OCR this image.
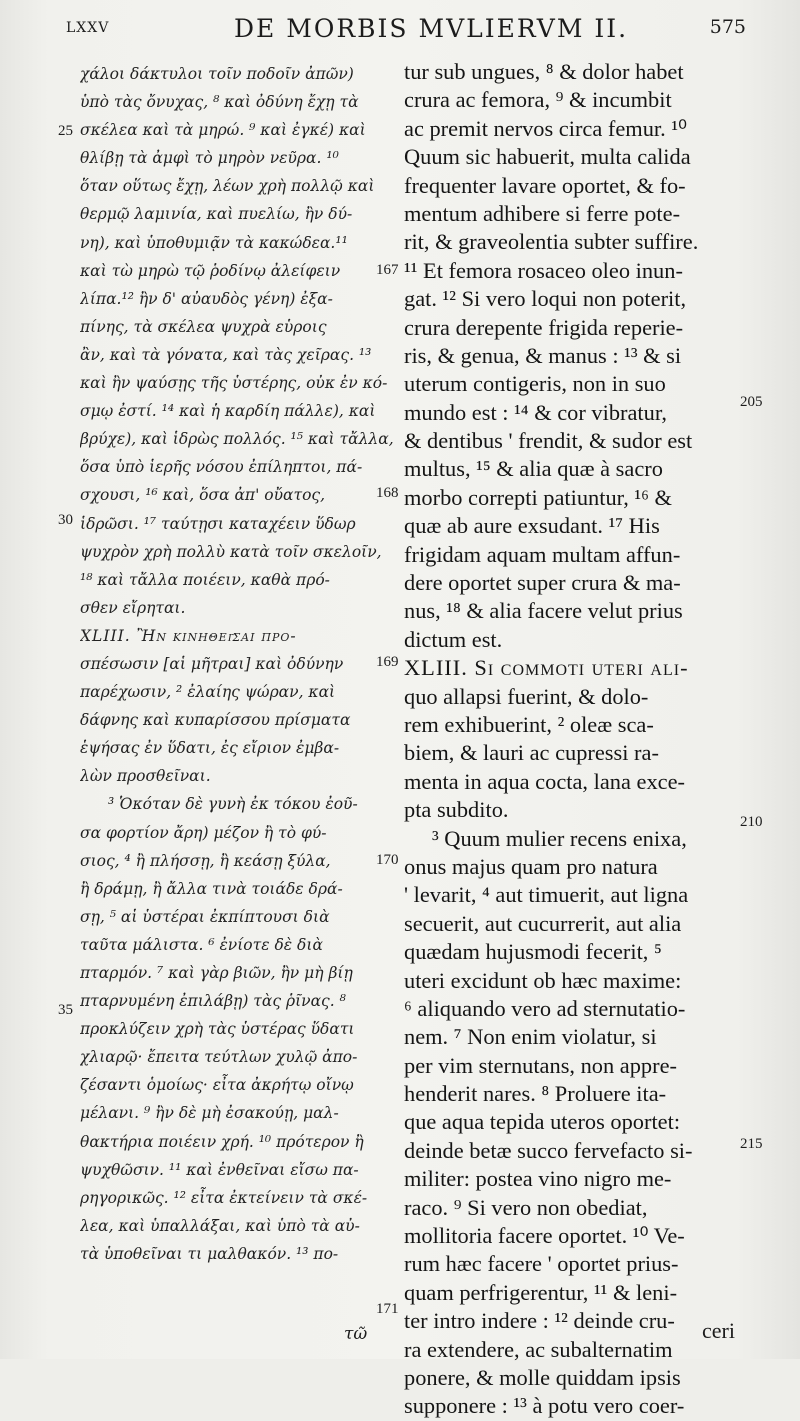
LXXV	DE MORBIS MVLIERVM II.	575
χάλοι δάκτυλοι τοῖν ποδοῖν ἀπῶν)
ὑπὸ τὰς ὄνυχας, ⁸ καὶ ὀδύνη ἔχῃ τὰ
σκέλεα καὶ τὰ μηρώ. ⁹ καὶ ἐγκέ) καὶ
θλίβῃ τὰ ἀμφὶ τὸ μηρὸν νεῦρα. ¹⁰
ὅταν οὕτως ἔχῃ, λέων χρὴ πολλῷ καὶ
θερμῷ λαμινία, καὶ πυελίω, ἢν δύ-
νη), καὶ ὑποθυμιᾷν τὰ κακώδεα.¹¹
καὶ τὼ μηρὼ τῷ ῥοδίνῳ ἀλείφειν
λίπα.¹² ἢν δ' αὐαυδὸς γένη) ἐξα-
πίνης, τὰ σκέλεα ψυχρὰ εὑροις
ἂν, καὶ τὰ γόνατα, καὶ τὰς χεῖρας. ¹³
καὶ ἢν ψαύσῃς τῆς ὑστέρης, οὐκ ἐν κό-
σμῳ ἐστί. ¹⁴ καὶ ἡ καρδίη πάλλε), καὶ
βρύχε), καὶ ἱδρὼς πολλός. ¹⁵ καὶ τἄλλα,
ὅσα ὑπὸ ἱερῆς νόσου ἐπίληπτοι, πά-
σχουσι, ¹⁶ καὶ, ὅσα ἀπ' οὔατος,
ἱδρῶσι. ¹⁷ ταύτῃσι καταχέειν ὕδωρ
ψυχρὸν χρὴ πολλὺ κατὰ τοῖν σκελοῖν,
¹⁸ καὶ τἄλλα ποιέειν, καθὰ πρό-
σθεν εἴρηται.
XLIII. Ἢν κινηθεῖσαι προ-
σπέσωσιν [αἱ μῆτραι] καὶ ὀδύνην
παρέχωσιν, ² ἐλαίης ψώραν, καὶ
δάφνης καὶ κυπαρίσσου πρίσματα
ἑψήσας ἐν ὕδατι, ἐς εἴριον ἐμβα-
λὼν προσθεῖναι.
³ Ὁκόταν δὲ γυνὴ ἐκ τόκου ἐοῦ-
σα φορτίον ἄρη) μέζον ἢ τὸ φύ-
σιος, ⁴ ἢ πλήσσῃ, ἢ κεάσῃ ξύλα,
ἢ δράμῃ, ἢ ἄλλα τινὰ τοιάδε δρά-
σῃ, ⁵ αἱ ὑστέραι ἐκπίπτουσι διὰ
ταῦτα μάλιστα. ⁶ ἐνίοτε δὲ διὰ
πταρμόν. ⁷ καὶ γὰρ βιῶν, ἢν μὴ βίῃ
πταρνυμένη ἐπιλάβῃ) τὰς ῥῖνας. ⁸
προκλύζειν χρὴ τὰς ὑστέρας ὕδατι
χλιαρῷ· ἔπειτα τεύτλων χυλῷ ἀπο-
ζέσαντι ὁμοίως· εἶτα ἀκρήτῳ οἴνῳ
μέλανι. ⁹ ἢν δὲ μὴ ἐσακούῃ, μαλ-
θακτήρια ποιέειν χρή. ¹⁰ πρότερον ἢ
ψυχθῶσιν. ¹¹ καὶ ἐνθεῖναι εἴσω πα-
ρηγορικῶς. ¹² εἶτα ἐκτείνειν τὰ σκέ-
λεα, καὶ ὑπαλλάξαι, καὶ ὑπὸ τὰ αὐ-
τὰ ὑποθεῖναι τι μαλθακόν. ¹³ πο-
tur sub ungues, ⁸ & dolor habet
crura ac femora, ⁹ & incumbit
ac premit nervos circa femur. ¹⁰
Quum sic habuerit, multa calida
frequenter lavare oportet, & fo-
mentum adhibere si ferre pote-
rit, & graveolentia subter suffire.
¹¹ Et femora rosaceo oleo inun-
gat. ¹² Si vero loqui non poterit,
crura derepente frigida reperie-
ris, & genua, & manus : ¹³ & si
uterum contigeris, non in suo
mundo est : ¹⁴ & cor vibratur,
& dentibus ' frendit, & sudor est
multus, ¹⁵ & alia quæ à sacro
morbo correpti patiuntur, ¹⁶ &
quæ ab aure exsudant. ¹⁷ His
frigidam aquam multam affun-
dere oportet super crura & ma-
nus, ¹⁸ & alia facere velut prius
dictum est.
XLIII. Si commoti uteri ali-
quo allapsi fuerint, & dolo-
rem exhibuerint, ² oleæ sca-
biem, & lauri ac cupressi ra-
menta in aqua cocta, lana exce-
pta subdito.
³ Quum mulier recens enixa,
onus majus quam pro natura
' levarit, ⁴ aut timuerit, aut ligna
secuerit, aut cucurrerit, aut alia
quædam hujusmodi fecerit, ⁵
uteri excidunt ob hæc maxime:
⁶ aliquando vero ad sternutatio-
nem. ⁷ Non enim violatur, si
per vim sternutans, non appre-
henderit nares. ⁸ Proluere ita-
que aqua tepida uteros oportet:
deinde betæ succo fervefacto si-
militer: postea vino nigro me-
raco. ⁹ Si vero non obediat,
mollitoria facere oportet. ¹⁰ Ve-
rum hæc facere ' oportet prius-
quam perfrigerentur, ¹¹ & leni-
ter intro indere : ¹² deinde cru-
ra extendere, ac subalternatim
ponere, & molle quiddam ipsis
supponere : ¹³ à potu vero coer-
25
30
35
167
168
169
170
171
205
210
215
τῶ	ceri
